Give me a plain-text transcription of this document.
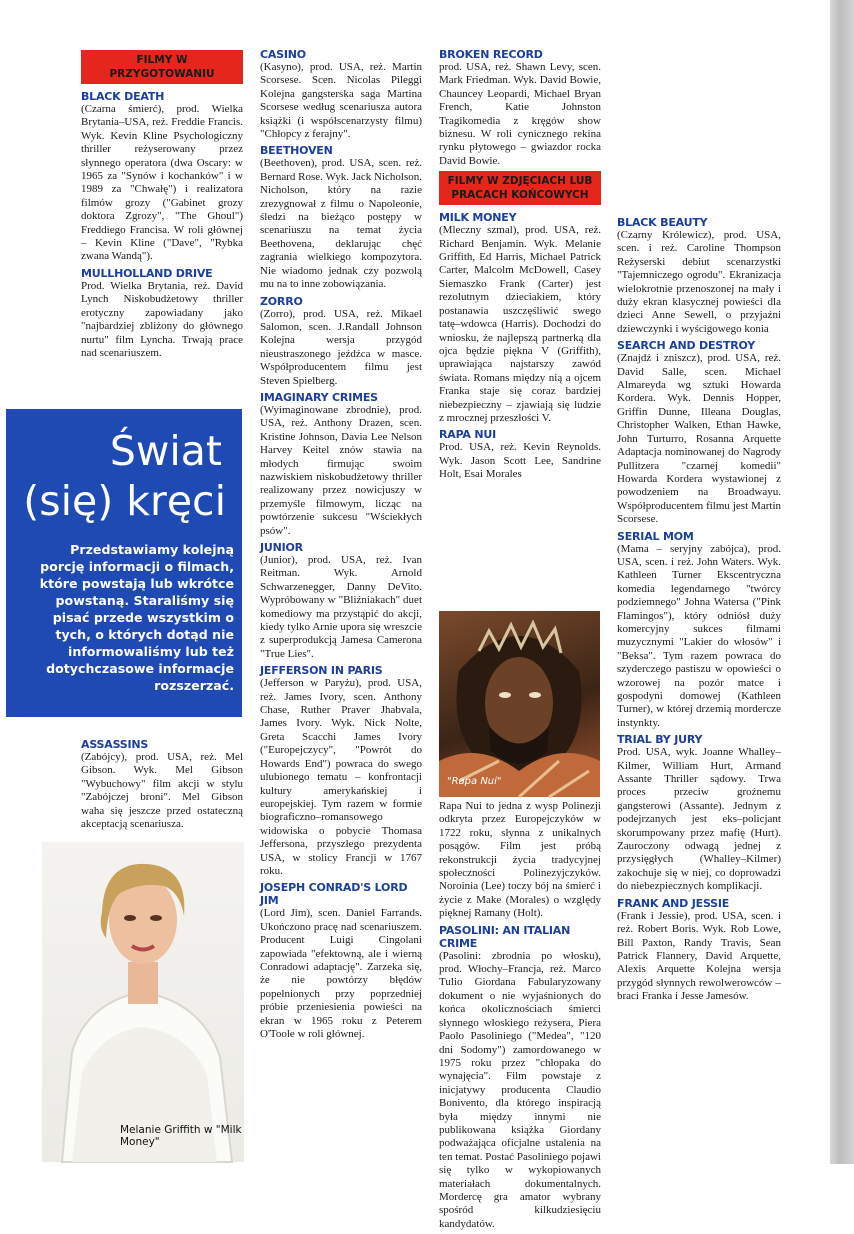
FILMY W PRZYGOTOWANIU
BLACK DEATH

(Czarna śmierć), prod. Wielka Brytania–USA, reż. Freddie Francis. Wyk. Kevin Kline Psychologiczny thriller reżyserowany przez słynnego operatora (dwa Oscary: w 1965 za "Synów i kochanków" i w 1989 za "Chwałę") i realizatora filmów grozy ("Gabinet grozy doktora Zgrozy", "The Ghoul") Freddiego Francisa. W roli głównej – Kevin Kline ("Dave", "Rybka zwana Wandą").

MULLHOLLAND DRIVE

Prod. Wielka Brytania, reż. David Lynch Niskobudżetowy thriller erotyczny zapowiadany jako "najbardziej zbliżony do głównego nurtu" film Lyncha. Trwają prace nad scenariuszem.

Świat
(się) kręci
Przedstawiamy kolejną porcję informacji o filmach, które powstają lub wkrótce powstaną. Staraliśmy się pisać przede wszystkim o tych, o których dotąd nie informowaliśmy lub też dotychczasowe informacje rozszerzać.
ASSASSINS

(Zabójcy), prod. USA, reż. Mel Gibson. Wyk. Mel Gibson "Wybuchowy" film akcji w stylu "Zabójczej broni". Mel Gibson waha się jeszcze przed ostateczną akceptacją scenariusza.

Melanie Griffith w "Milk Money"
CASINO

(Kasyno), prod. USA, reż. Martin Scorsese. Scen. Nicolas Pileggi Kolejna gangsterska saga Martina Scorsese według scenariusza autora książki (i współscenarzysty filmu) "Chłopcy z ferajny".

BEETHOVEN

(Beethoven), prod. USA, scen. reż. Bernard Rose. Wyk. Jack Nicholson. Nicholson, który na razie zrezygnował z filmu o Napoleonie, śledzi na bieżąco postępy w scenariuszu na temat życia Beethovena, deklarując chęć zagrania wielkiego kompozytora. Nie wiadomo jednak czy pozwolą mu na to inne zobowiązania.

ZORRO

(Zorro), prod. USA, reż. Mikael Salomon, scen. J.Randall Johnson Kolejna wersja przygód nieustraszonego jeźdźca w masce. Współproducentem filmu jest Steven Spielberg.

IMAGINARY CRIMES

(Wyimaginowane zbrodnie), prod. USA, reż. Anthony Drazen, scen. Kristine Johnson, Davia Lee Nelson Harvey Keitel znów stawia na młodych firmując swoim nazwiskiem niskobudżetowy thriller realizowany przez nowicjuszy w przemyśle filmowym, licząc na powtórzenie sukcesu "Wściekłych psów".

JUNIOR

(Junior), prod. USA, reż. Ivan Reitman. Wyk. Arnold Schwarzenegger, Danny DeVito. Wypróbowany w "Bliźniakach" duet komediowy ma przystąpić do akcji, kiedy tylko Arnie upora się wreszcie z superprodukcją Jamesa Camerona "True Lies".

JEFFERSON IN PARIS

(Jefferson w Paryżu), prod. USA, reż. James Ivory, scen. Anthony Chase, Ruther Praver Jhabvala, James Ivory. Wyk. Nick Nolte, Greta Scacchi James Ivory ("Europejczycy", "Powrót do Howards End") powraca do swego ulubionego tematu – konfrontacji kultury amerykańskiej i europejskiej. Tym razem w formie biograficzno–romansowego widowiska o pobycie Thomasa Jeffersona, przyszłego prezydenta USA, w stolicy Francji w 1767 roku.

JOSEPH CONRAD'S LORD JIM

(Lord Jim), scen. Daniel Farrands. Ukończono pracę nad scenariuszem. Producent Luigi Cingolani zapowiada "efektowną, ale i wierną Conradowi adaptację". Zarzeka się, że nie powtórzy błędów popełnionych przy poprzedniej próbie przeniesienia powieści na ekran w 1965 roku z Peterem O'Toole w roli głównej.

BROKEN RECORD

prod. USA, reż. Shawn Levy, scen. Mark Friedman. Wyk. David Bowie, Chauncey Leopardi, Michael Bryan French, Katie Johnston Tragikomedia z kręgów show biznesu. W roli cynicznego rekina rynku płytowego – gwiazdor rocka David Bowie.

FILMY W ZDJĘCIACH LUB PRACACH KOŃCOWYCH
MILK MONEY

(Mleczny szmal), prod. USA, reż. Richard Benjamin. Wyk. Melanie Griffith, Ed Harris, Michael Patrick Carter, Malcolm McDowell, Casey Siemaszko Frank (Carter) jest rezolutnym dzieciakiem, który postanawia uszczęśliwić swego tatę–wdowca (Harris). Dochodzi do wniosku, że najlepszą partnerką dla ojca będzie piękna V (Griffith), uprawiająca najstarszy zawód świata. Romans między nią a ojcem Franka staje się coraz bardziej niebezpieczny – zjawiają się ludzie z mrocznej przeszłości V.

RAPA NUI

Prod. USA, reż. Kevin Reynolds. Wyk. Jason Scott Lee, Sandrine Holt, Esai Morales

"Rapa Nui"

Rapa Nui to jedna z wysp Polinezji odkryta przez Europejczyków w 1722 roku, słynna z unikalnych posągów. Film jest próbą rekonstrukcji życia tradycyjnej społeczności Polinezyjczyków. Noroinia (Lee) toczy bój na śmierć i życie z Make (Morales) o względy pięknej Ramany (Holt).

PASOLINI: AN ITALIAN CRIME

(Pasolini: zbrodnia po włosku), prod. Włochy–Francja, reż. Marco Tulio Giordana Fabularyzowany dokument o nie wyjaśnionych do końca okolicznościach śmierci słynnego włoskiego reżysera, Piera Paolo Pasoliniego ("Medea", "120 dni Sodomy") zamordowanego w 1975 roku przez "chłopaka do wynajęcia". Film powstaje z inicjatywy producenta Claudio Bonivento, dla którego inspiracją była między innymi nie publikowana książka Giordany podważająca oficjalne ustalenia na ten temat. Postać Pasoliniego pojawi się tylko w wykopiowanych materiałach dokumentalnych. Mordercę gra amator wybrany spośród kilkudziesięciu kandydatów.

BLACK BEAUTY

(Czarny Królewicz), prod. USA, scen. i reż. Caroline Thompson Reżyserski debiut scenarzystki "Tajemniczego ogrodu". Ekranizacja wielokrotnie przenoszonej na mały i duży ekran klasycznej powieści dla dzieci Anne Sewell, o przyjaźni dziewczynki i wyścigowego konia

SEARCH AND DESTROY

(Znajdź i zniszcz), prod. USA, reż. David Salle, scen. Michael Almareyda wg sztuki Howarda Kordera. Wyk. Dennis Hopper, Griffin Dunne, Illeana Douglas, Christopher Walken, Ethan Hawke, John Turturro, Rosanna Arquette Adaptacja nominowanej do Nagrody Pullitzera "czarnej komedii" Howarda Kordera wystawionej z powodzeniem na Broadwayu. Współproducentem filmu jest Martin Scorsese.

SERIAL MOM

(Mama – seryjny zabójca), prod. USA, scen. i reż. John Waters. Wyk. Kathleen Turner Ekscentryczna komedia legendarnego "twórcy podziemnego" Johna Watersa ("Pink Flamingos"), który odniósł duży komercyjny sukces filmami muzycznymi "Lakier do włosów" i "Beksa". Tym razem powraca do szyderczego pastiszu w opowieści o wzorowej na pozór matce i gospodyni domowej (Kathleen Turner), w której drzemią mordercze instynkty.

TRIAL BY JURY

Prod. USA, wyk. Joanne Whalley–Kilmer, William Hurt, Armand Assante Thriller sądowy. Trwa proces przeciw groźnemu gangsterowi (Assante). Jednym z podejrzanych jest eks–policjant skorumpowany przez mafię (Hurt). Zauroczony odwagą jednej z przysięgłych (Whalley–Kilmer) zakochuje się w niej, co doprowadzi do niebezpiecznych komplikacji.

FRANK AND JESSIE

(Frank i Jessie), prod. USA, scen. i reż. Robert Boris. Wyk. Rob Lowe, Bill Paxton, Randy Travis, Sean Patrick Flannery, David Arquette, Alexis Arquette Kolejna wersja przygód słynnych rewolwerowców – braci Franka i Jesse Jamesów.
